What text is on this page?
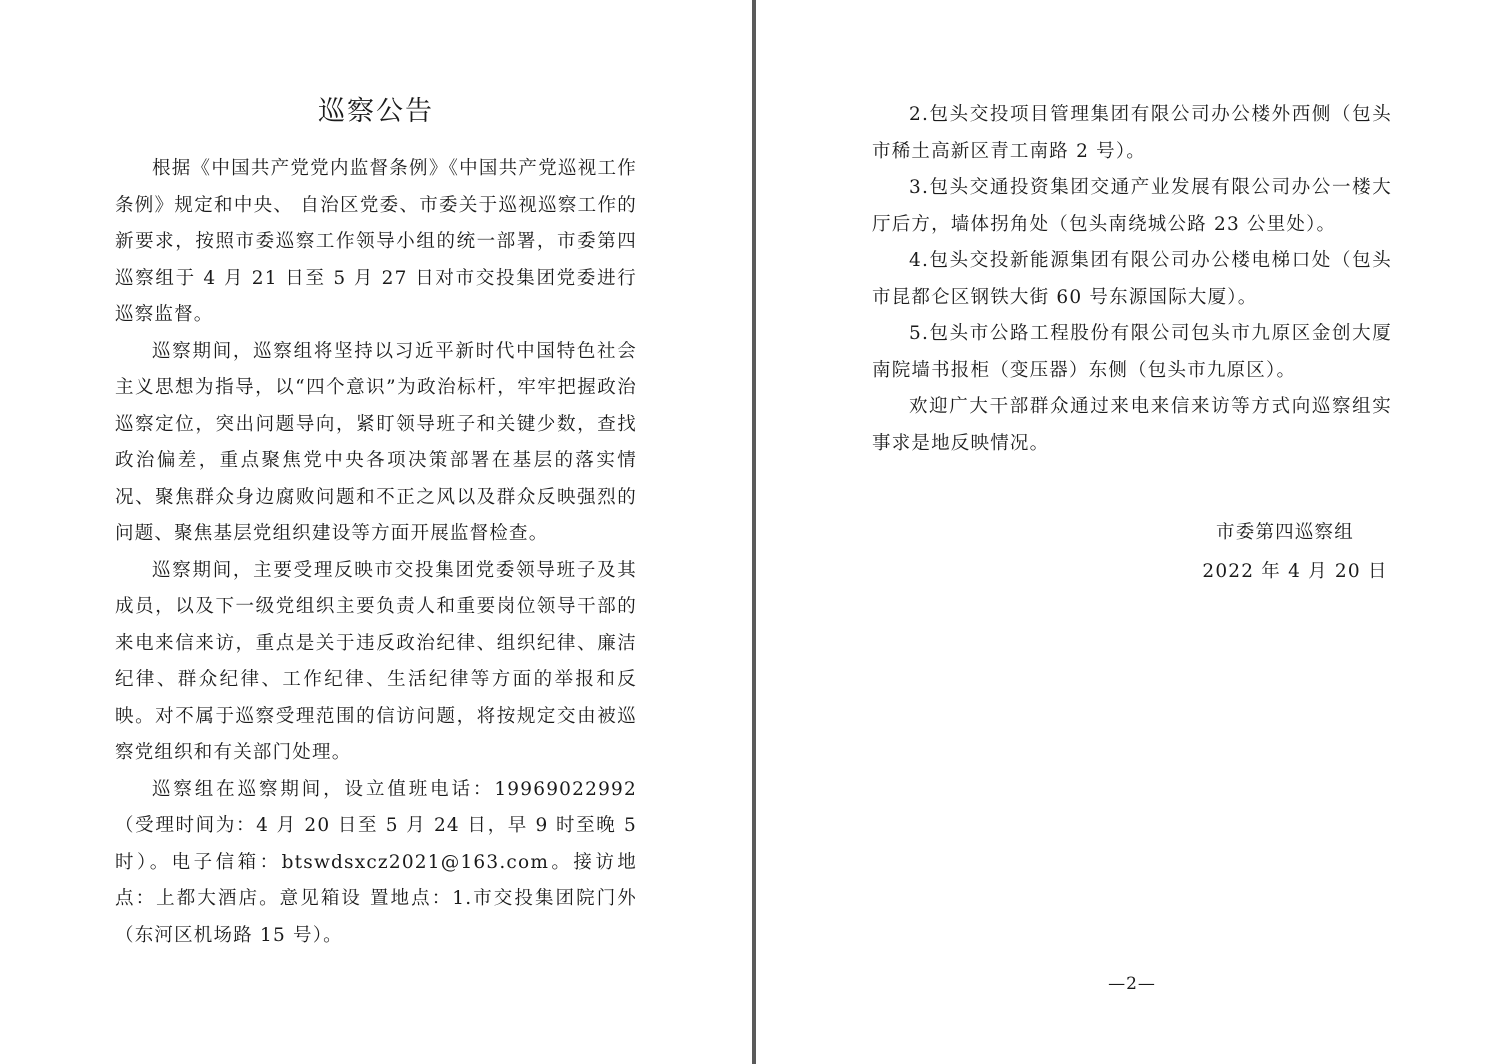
巡察公告

根据《中国共产党党内监督条例》《中国共产党巡视工作条例》规定和中央、 自治区党委、市委关于巡视巡察工作的新要求，按照市委巡察工作领导小组的统一部署，市委第四巡察组于 4 月 21 日至 5 月 27 日对市交投集团党委进行巡察监督。

巡察期间，巡察组将坚持以习近平新时代中国特色社会主义思想为指导，以“四个意识”为政治标杆，牢牢把握政治巡察定位，突出问题导向，紧盯领导班子和关键少数，查找政治偏差，重点聚焦党中央各项决策部署在基层的落实情况、聚焦群众身边腐败问题和不正之风以及群众反映强烈的问题、聚焦基层党组织建设等方面开展监督检查。

巡察期间，主要受理反映市交投集团党委领导班子及其成员，以及下一级党组织主要负责人和重要岗位领导干部的来电来信来访，重点是关于违反政治纪律、组织纪律、廉洁纪律、群众纪律、工作纪律、生活纪律等方面的举报和反映。对不属于巡察受理范围的信访问题，将按规定交由被巡察党组织和有关部门处理。

巡察组在巡察期间，设立值班电话：19969022992（受理时间为：4 月 20 日至 5 月 24 日，早 9 时至晚 5 时）。电子信箱：btswdsxcz2021@163.com。接访地点：上都大酒店。意见箱设 置地点：1.市交投集团院门外（东河区机场路 15 号）。

2.包头交投项目管理集团有限公司办公楼外西侧（包头市稀土高新区青工南路 2 号）。

3.包头交通投资集团交通产业发展有限公司办公一楼大厅后方，墙体拐角处（包头南绕城公路 23 公里处）。

4.包头交投新能源集团有限公司办公楼电梯口处（包头市昆都仑区钢铁大街 60 号东源国际大厦）。

5.包头市公路工程股份有限公司包头市九原区金创大厦南院墙书报柜（变压器）东侧（包头市九原区）。

欢迎广大干部群众通过来电来信来访等方式向巡察组实事求是地反映情况。

市委第四巡察组
2022 年 4 月 20 日
—2—
